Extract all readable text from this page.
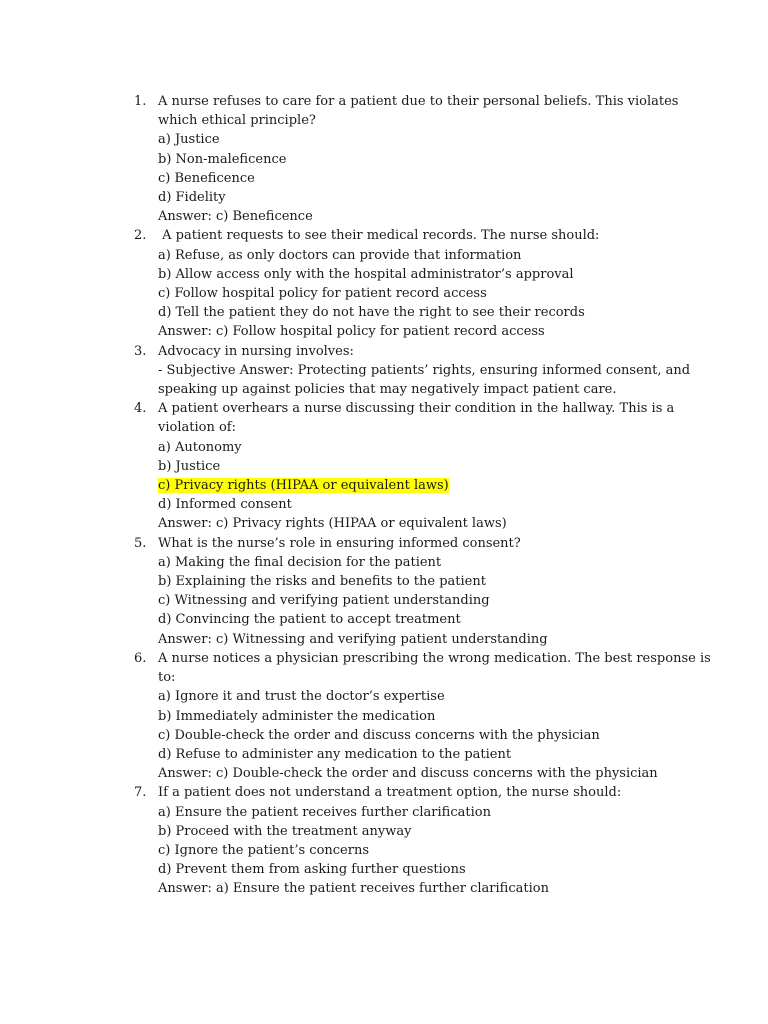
1. A nurse refuses to care for a patient due to their personal beliefs. This violates
which ethical principle?
a) Justice
b) Non-maleficence
c) Beneficence
d) Fidelity
Answer: c) Beneficence
2. A patient requests to see their medical records. The nurse should:
a) Refuse, as only doctors can provide that information
b) Allow access only with the hospital administrator’s approval
c) Follow hospital policy for patient record access
d) Tell the patient they do not have the right to see their records
Answer: c) Follow hospital policy for patient record access
3. Advocacy in nursing involves:
- Subjective Answer: Protecting patients’ rights, ensuring informed consent, and
speaking up against policies that may negatively impact patient care.
4. A patient overhears a nurse discussing their condition in the hallway. This is a
violation of:
a) Autonomy
b) Justice
c) Privacy rights (HIPAA or equivalent laws)
d) Informed consent
Answer: c) Privacy rights (HIPAA or equivalent laws)
5. What is the nurse’s role in ensuring informed consent?
a) Making the final decision for the patient
b) Explaining the risks and benefits to the patient
c) Witnessing and verifying patient understanding
d) Convincing the patient to accept treatment
Answer: c) Witnessing and verifying patient understanding
6. A nurse notices a physician prescribing the wrong medication. The best response is
to:
a) Ignore it and trust the doctor’s expertise
b) Immediately administer the medication
c) Double-check the order and discuss concerns with the physician
d) Refuse to administer any medication to the patient
Answer: c) Double-check the order and discuss concerns with the physician
7. If a patient does not understand a treatment option, the nurse should:
a) Ensure the patient receives further clarification
b) Proceed with the treatment anyway
c) Ignore the patient’s concerns
d) Prevent them from asking further questions
Answer: a) Ensure the patient receives further clarification
